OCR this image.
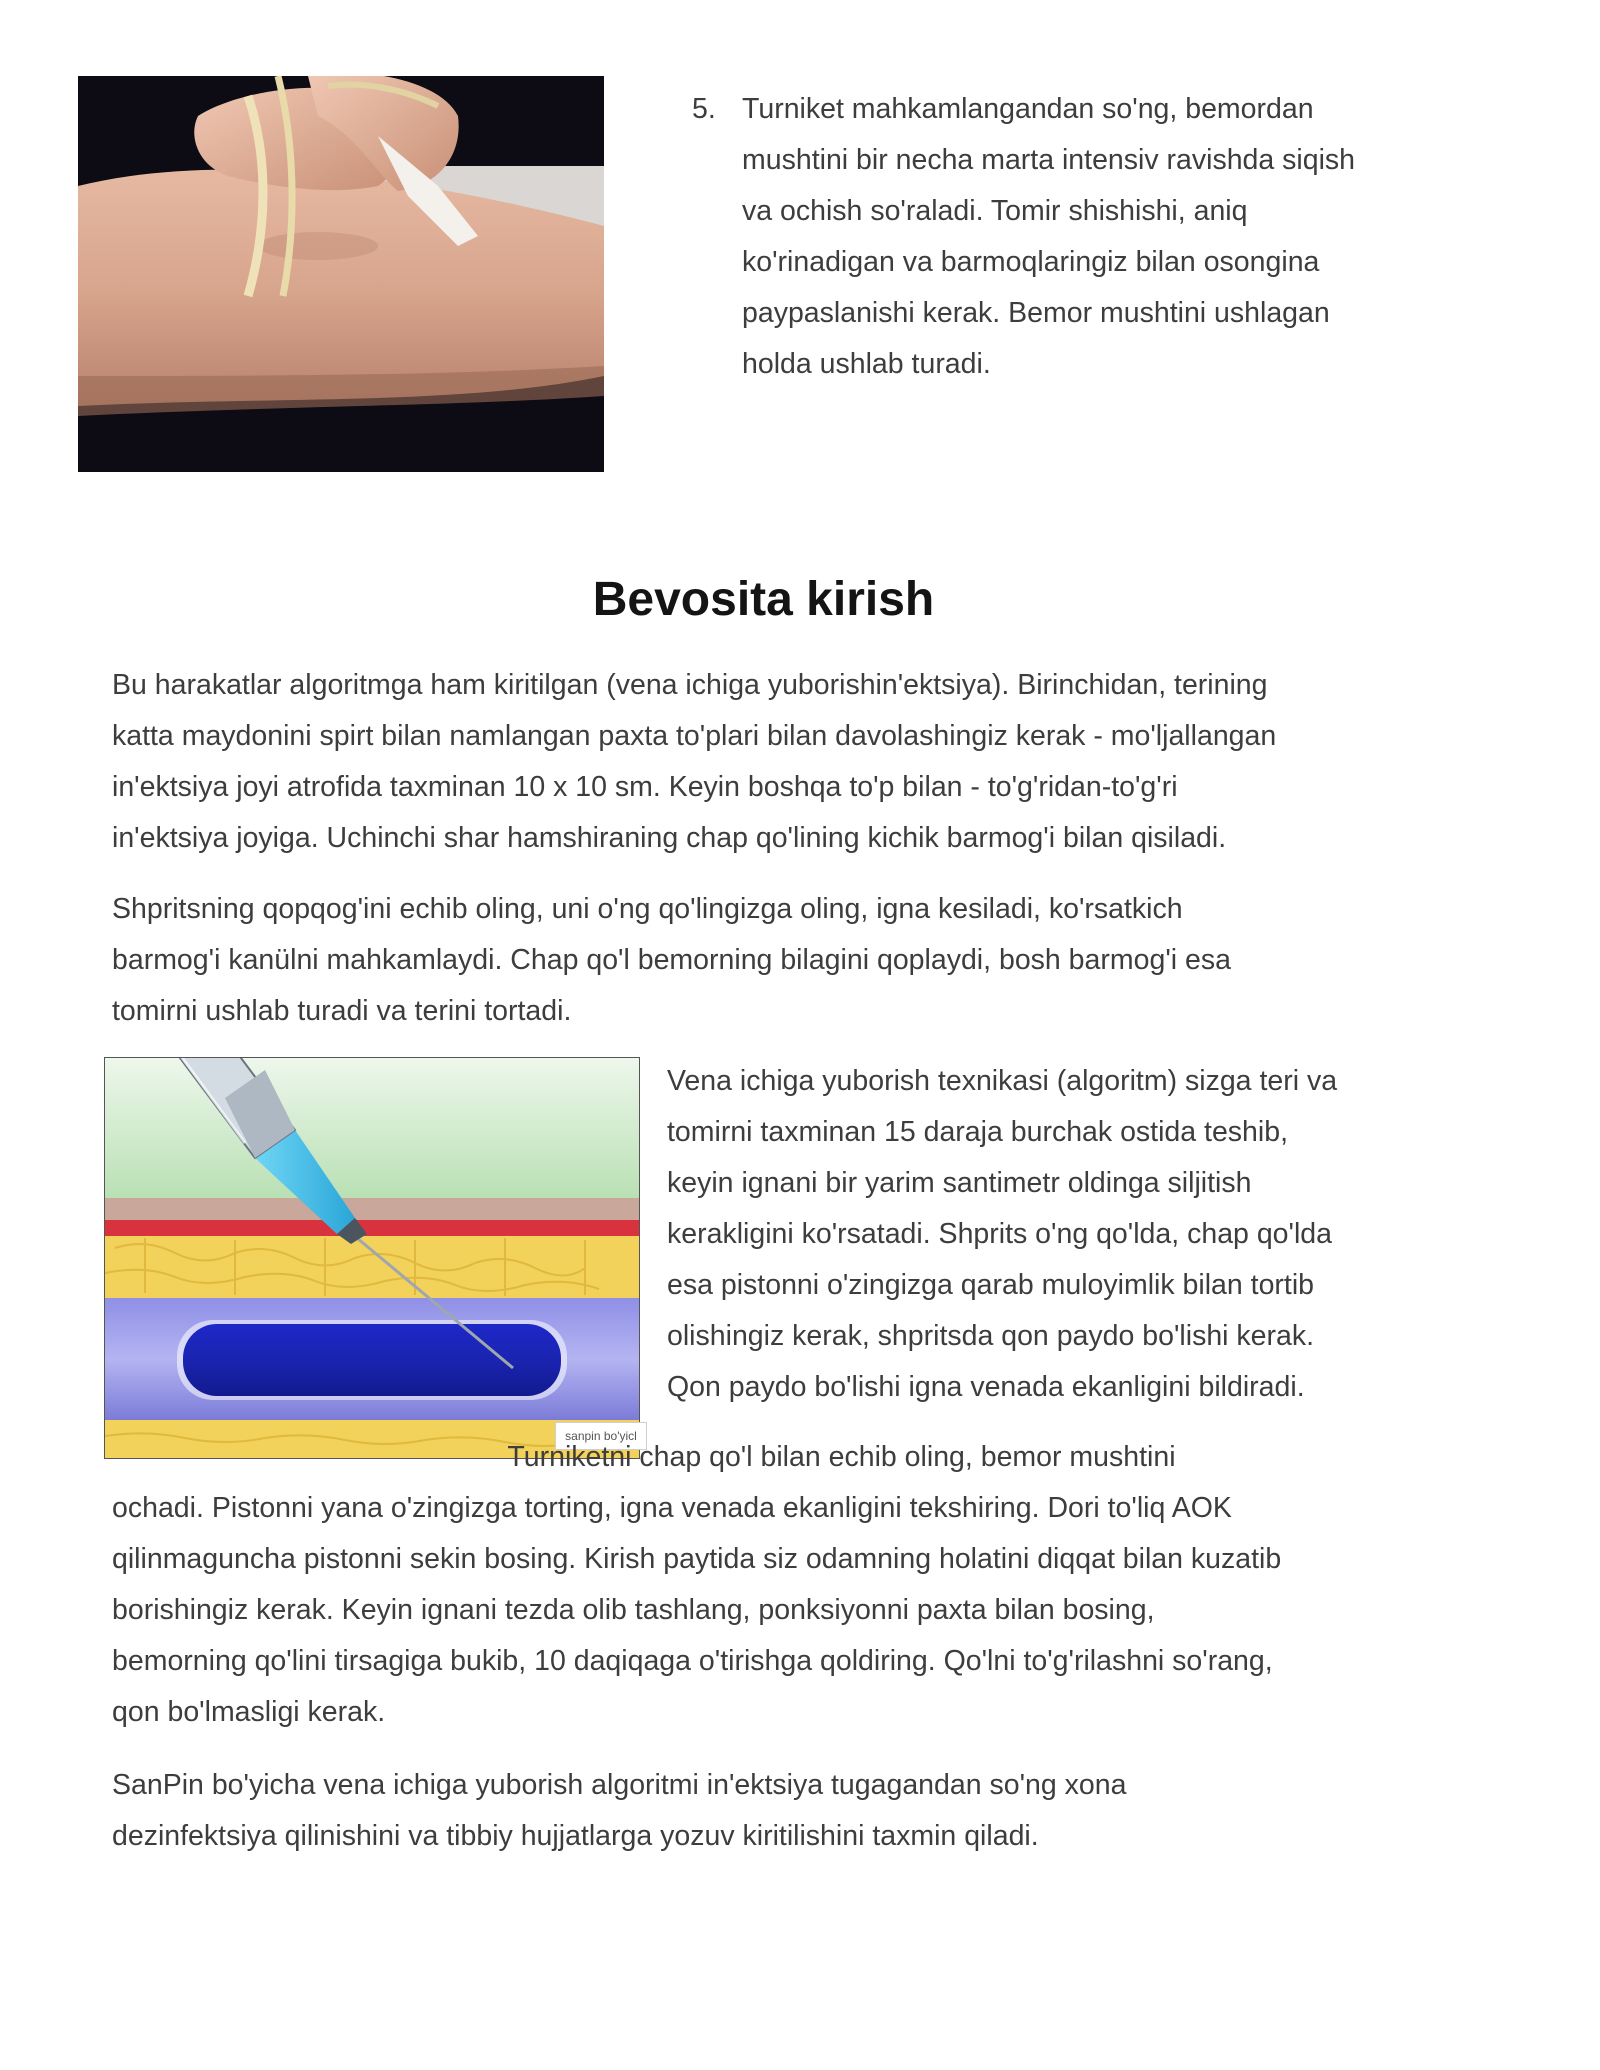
5. Turniket mahkamlangandan so'ng, bemordan
mushtini bir necha marta intensiv ravishda siqish
va ochish so'raladi. Tomir shishishi, aniq
ko'rinadigan va barmoqlaringiz bilan osongina
paypaslanishi kerak. Bemor mushtini ushlagan
holda ushlab turadi.
Bevosita kirish

Bu harakatlar algoritmga ham kiritilgan (vena ichiga yuborishin'ektsiya). Birinchidan, terining
katta maydonini spirt bilan namlangan paxta to'plari bilan davolashingiz kerak - mo'ljallangan
in'ektsiya joyi atrofida taxminan 10 x 10 sm. Keyin boshqa to'p bilan - to'g'ridan-to'g'ri
in'ektsiya joyiga. Uchinchi shar hamshiraning chap qo'lining kichik barmog'i bilan qisiladi.

Shpritsning qopqog'ini echib oling, uni o'ng qo'lingizga oling, igna kesiladi, ko'rsatkich
barmog'i kanülni mahkamlaydi. Chap qo'l bemorning bilagini qoplaydi, bosh barmog'i esa
tomirni ushlab turadi va terini tortadi.

sanpin bo'yicl

Vena ichiga yuborish texnikasi (algoritm) sizga teri va
tomirni taxminan 15 daraja burchak ostida teshib,
keyin ignani bir yarim santimetr oldinga siljitish
kerakligini ko'rsatadi. Shprits o'ng qo'lda, chap qo'lda
esa pistonni o'zingizga qarab muloyimlik bilan tortib
olishingiz kerak, shpritsda qon paydo bo'lishi kerak.
Qon paydo bo'lishi igna venada ekanligini bildiradi.

Turniketni chap qo'l bilan echib oling, bemor mushtini
ochadi. Pistonni yana o'zingizga torting, igna venada ekanligini tekshiring. Dori to'liq AOK
qilinmaguncha pistonni sekin bosing. Kirish paytida siz odamning holatini diqqat bilan kuzatib
borishingiz kerak. Keyin ignani tezda olib tashlang, ponksiyonni paxta bilan bosing,
bemorning qo'lini tirsagiga bukib, 10 daqiqaga o'tirishga qoldiring. Qo'lni to'g'rilashni so'rang,
qon bo'lmasligi kerak.

SanPin bo'yicha vena ichiga yuborish algoritmi in'ektsiya tugagandan so'ng xona
dezinfektsiya qilinishini va tibbiy hujjatlarga yozuv kiritilishini taxmin qiladi.
